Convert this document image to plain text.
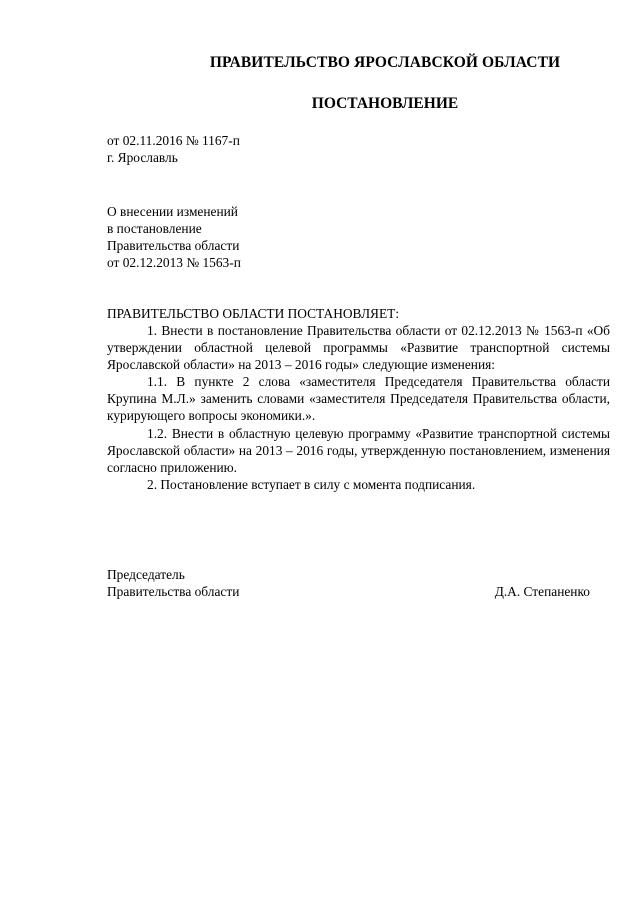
ПРАВИТЕЛЬСТВО ЯРОСЛАВСКОЙ ОБЛАСТИ
ПОСТАНОВЛЕНИЕ
от 02.11.2016 № 1167-п
г. Ярославль
О внесении изменений
в постановление
Правительства области
от 02.12.2013 № 1563-п
ПРАВИТЕЛЬСТВО ОБЛАСТИ ПОСТАНОВЛЯЕТ:

1. Внести в постановление Правительства области от 02.12.2013 № 1563-п «Об утверждении областной целевой программы «Развитие транспортной системы Ярославской области» на 2013 – 2016 годы» следующие изменения:

1.1. В пункте 2 слова «заместителя Председателя Правительства области Крупина М.Л.» заменить словами «заместителя Председателя Правительства области, курирующего вопросы экономики.».

1.2. Внести в областную целевую программу «Развитие транспортной системы Ярославской области» на 2013 – 2016 годы, утвержденную постановлением, изменения согласно приложению.

2. Постановление вступает в силу с момента подписания.

Председатель
Правительства области	Д.А. Степаненко
